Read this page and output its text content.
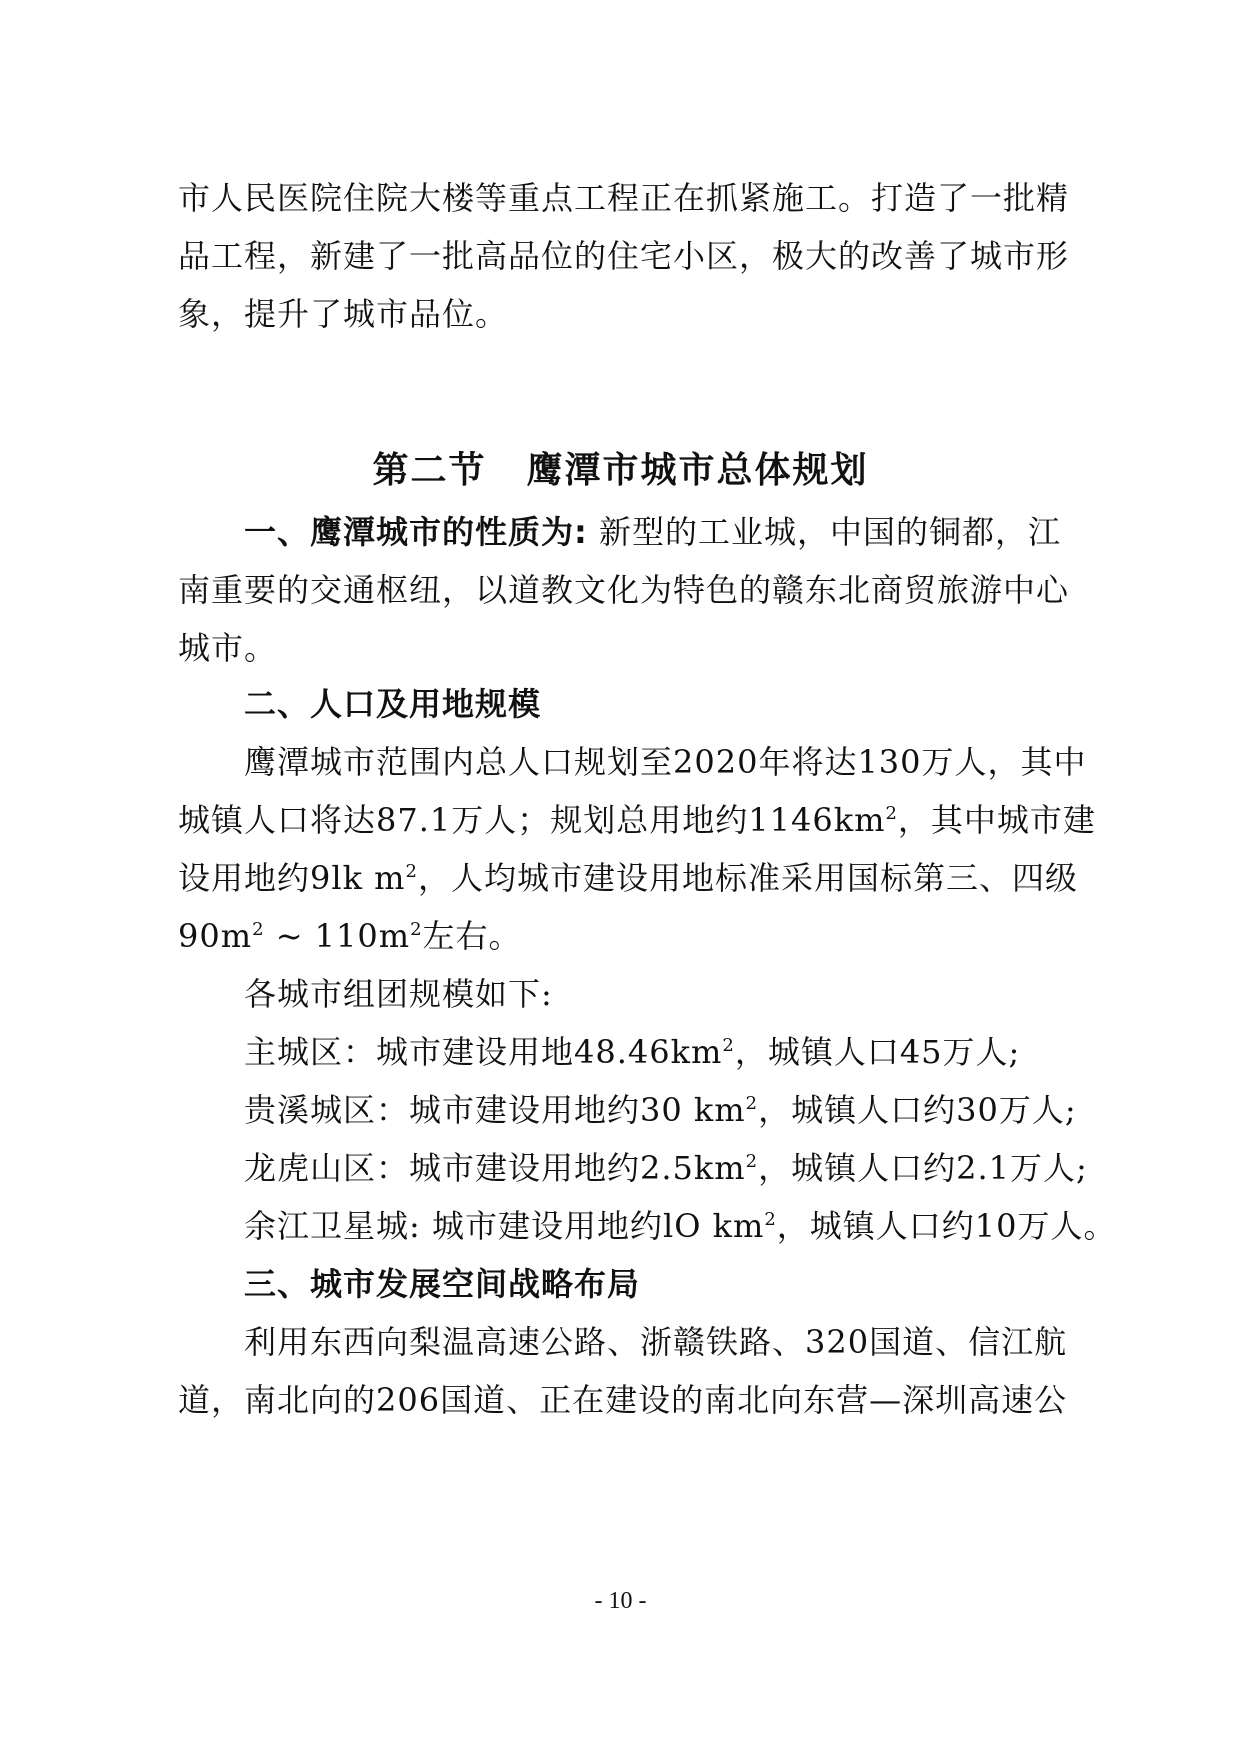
市人民医院住院大楼等重点工程正在抓紧施工。打造了一批精
品工程，新建了一批高品位的住宅小区，极大的改善了城市形
象，提升了城市品位。
第二节 鹰潭市城市总体规划
一、鹰潭城市的性质为: 新型的工业城，中国的铜都，江
南重要的交通枢纽，以道教文化为特色的赣东北商贸旅游中心
城市。
二、人口及用地规模
鹰潭城市范围内总人口规划至2020年将达130万人，其中
城镇人口将达87.1万人；规划总用地约$1146km^2$，其中城市建
设用地约9lk $m^2$，人均城市建设用地标准采用国标第三、四级
$90m^2$ ~ $110m^2$左右。
各城市组团规模如下:
主城区：城市建设用地$48.46km^2$，城镇人口45万人;
贵溪城区：城市建设用地约30 $km^2$，城镇人口约30万人;
龙虎山区：城市建设用地约$2.5km^2$，城镇人口约2.1万人;
余江卫星城: 城市建设用地约lO $km^2$，城镇人口约10万人。
三、城市发展空间战略布局
利用东西向梨温高速公路、浙赣铁路、320国道、信江航
道，南北向的206国道、正在建设的南北向东营—深圳高速公
- 10 -
